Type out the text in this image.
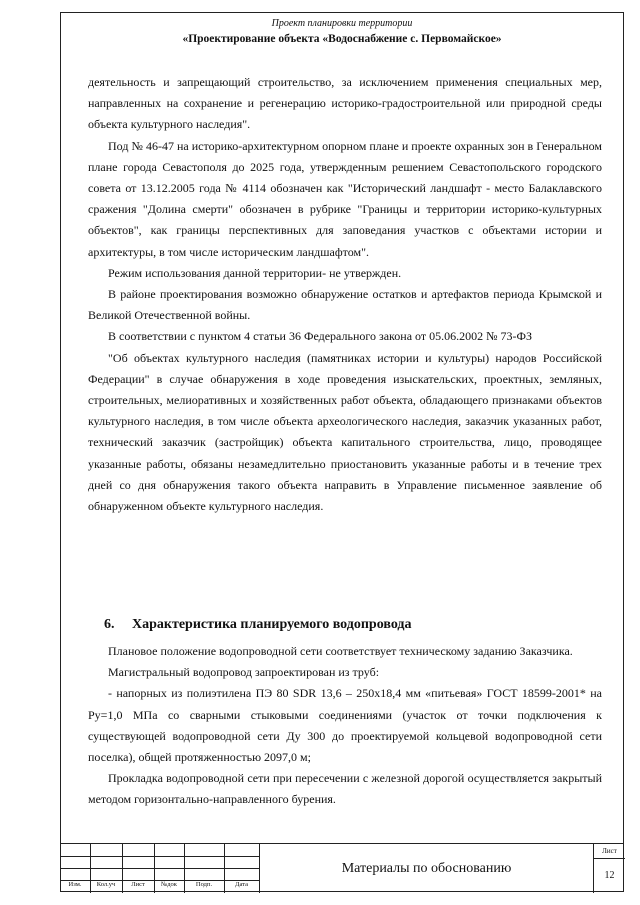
Проект планировки территории
«Проектирование объекта «Водоснабжение с. Первомайское»

деятельность и запрещающий строительство, за исключением применения специальных мер, направленных на сохранение и регенерацию историко-градостроительной или природной среды объекта культурного наследия".

Под № 46-47 на историко-архитектурном опорном плане и проекте охранных зон в Генеральном плане города Севастополя до 2025 года, утвержденным решением Севастопольского городского совета от 13.12.2005 года № 4114 обозначен как "Исторический ландшафт - место Балаклавского сражения "Долина смерти" обозначен в рубрике "Границы и территории историко-культурных объектов", как границы перспективных для заповедания участков с объектами истории и архитектуры, в том числе историческим ландшафтом".

Режим использования данной территории- не утвержден.

В районе проектирования возможно обнаружение остатков и артефактов периода Крымской и Великой Отечественной войны.

В соответствии с пунктом 4 статьи 36 Федерального закона от 05.06.2002 № 73-ФЗ

"Об объектах культурного наследия (памятниках истории и культуры) народов Российской Федерации" в случае обнаружения в ходе проведения изыскательских, проектных, земляных, строительных, мелиоративных и хозяйственных работ объекта, обладающего признаками объектов культурного наследия, в том числе объекта археологического наследия, заказчик указанных работ, технический заказчик (застройщик) объекта капитального строительства, лицо, проводящее указанные работы, обязаны незамедлительно приостановить указанные работы и в течение трех дней со дня обнаружения такого объекта направить в Управление письменное заявление об обнаруженном объекте культурного наследия.

6. Характеристика планируемого водопровода

Плановое положение водопроводной сети соответствует техническому заданию Заказчика.

Магистральный водопровод запроектирован из труб:

- напорных из полиэтилена ПЭ 80 SDR 13,6 – 250х18,4 мм «питьевая» ГОСТ 18599-2001* на Ру=1,0 МПа со сварными стыковыми соединениями (участок от точки подключения к существующей водопроводной сети Ду 300 до проектируемой кольцевой водопроводной сети поселка), общей протяженностью 2097,0 м;

Прокладка водопроводной сети при пересечении с железной дорогой осуществляется закрытый методом горизонтально-направленного бурения.

Изм.	Кол.уч	Лист	№док	Подп.	Дата
Материалы по обоснованию
Лист
12
